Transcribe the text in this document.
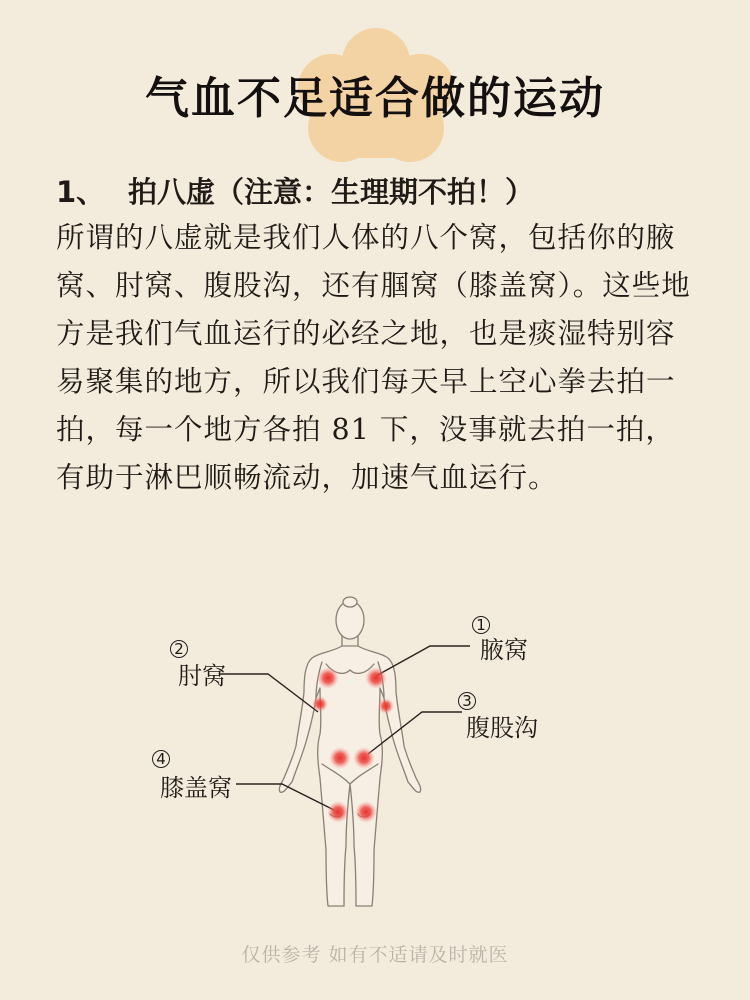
气血不足适合做的运动
1、 拍八虚（注意：生理期不拍！）
所谓的八虚就是我们人体的八个窝，包括你的腋窝、肘窝、腹股沟，还有腘窝（膝盖窝）。这些地方是我们气血运行的必经之地，也是痰湿特别容易聚集的地方，所以我们每天早上空心拳去拍一拍，每一个地方各拍 81 下，没事就去拍一拍，有助于淋巴顺畅流动，加速气血运行。
1
腋窝
2
肘窝
3
腹股沟
4
膝盖窝
仅供参考 如有不适请及时就医
